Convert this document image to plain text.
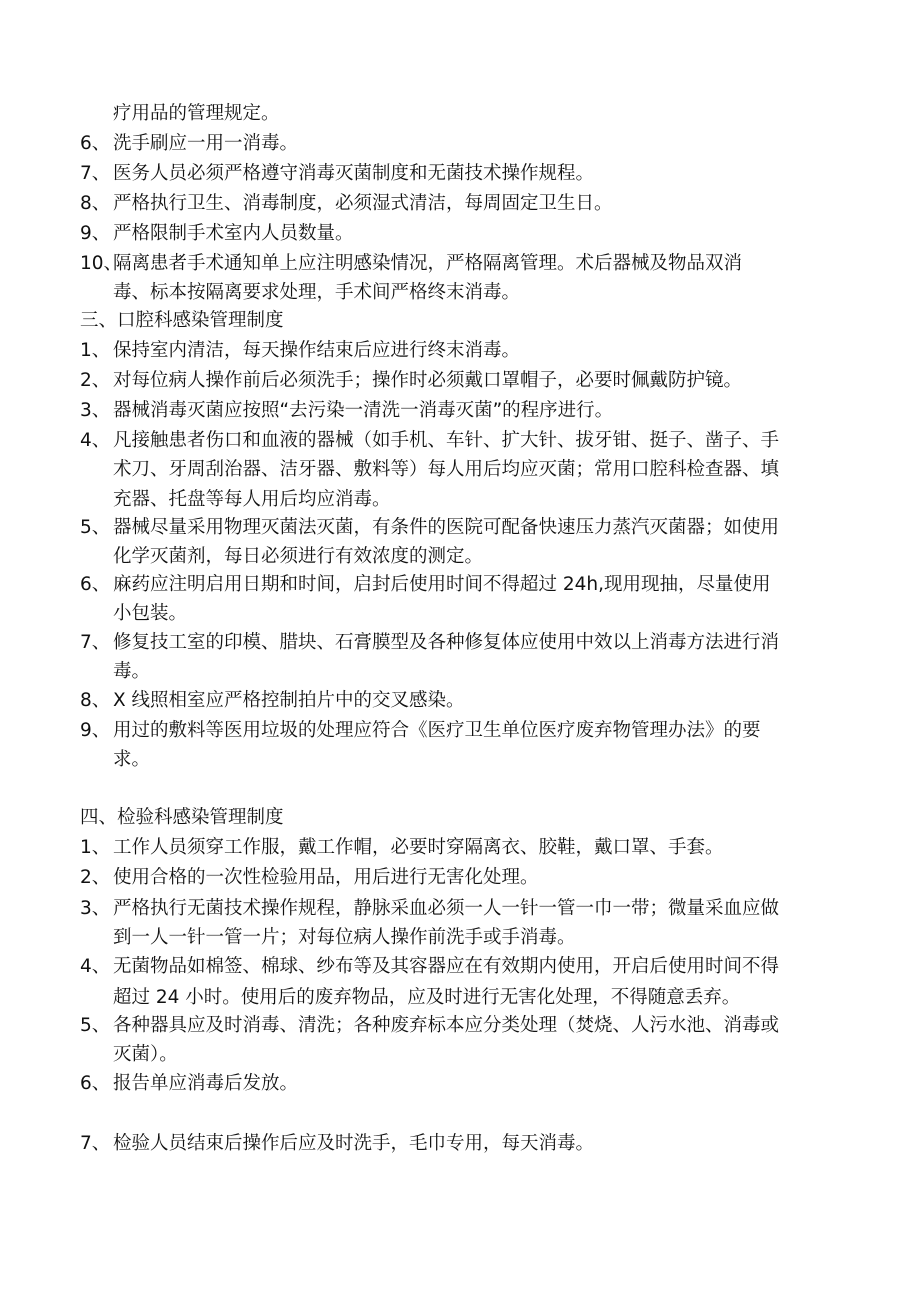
疗用品的管理规定。
6、 洗手刷应一用一消毒。
7、 医务人员必须严格遵守消毒灭菌制度和无菌技术操作规程。
8、 严格执行卫生、消毒制度，必须湿式清洁，每周固定卫生日。
9、 严格限制手术室内人员数量。
10、
隔离患者手术通知单上应注明感染情况，严格隔离管理。术后器械及物品双消
毒、标本按隔离要求处理，手术间严格终末消毒。
三、口腔科感染管理制度
1、 保持室内清洁，每天操作结束后应进行终末消毒。
2、 对每位病人操作前后必须洗手；操作时必须戴口罩帽子，必要时佩戴防护镜。
3、 器械消毒灭菌应按照“去污染一清洗一消毒灭菌”的程序进行。
4、 凡接触患者伤口和血液的器械（如手机、车针、扩大针、拔牙钳、挺子、凿子、手
术刀、牙周刮治器、洁牙器、敷料等）每人用后均应灭菌；常用口腔科检查器、填
充器、托盘等每人用后均应消毒。
5、 器械尽量采用物理灭菌法灭菌，有条件的医院可配备快速压力蒸汽灭菌器；如使用
化学灭菌剂，每日必须进行有效浓度的测定。
6、 麻药应注明启用日期和时间，启封后使用时间不得超过 24h,现用现抽，尽量使用
小包装。
7、 修复技工室的印模、腊块、石膏膜型及各种修复体应使用中效以上消毒方法进行消
毒。
8、 X 线照相室应严格控制拍片中的交叉感染。
9、 用过的敷料等医用垃圾的处理应符合《医疗卫生单位医疗废弃物管理办法》的要
求。
四、检验科感染管理制度
1、 工作人员须穿工作服，戴工作帽，必要时穿隔离衣、胶鞋，戴口罩、手套。
2、 使用合格的一次性检验用品，用后进行无害化处理。
3、 严格执行无菌技术操作规程，静脉采血必须一人一针一管一巾一带；微量采血应做
到一人一针一管一片；对每位病人操作前洗手或手消毒。
4、 无菌物品如棉签、棉球、纱布等及其容器应在有效期内使用，开启后使用时间不得
超过 24 小时。使用后的废弃物品，应及时进行无害化处理，不得随意丢弃。
5、 各种器具应及时消毒、清洗；各种废弃标本应分类处理（焚烧、人污水池、消毒或
灭菌）。
6、 报告单应消毒后发放。
7、 检验人员结束后操作后应及时洗手，毛巾专用，每天消毒。
